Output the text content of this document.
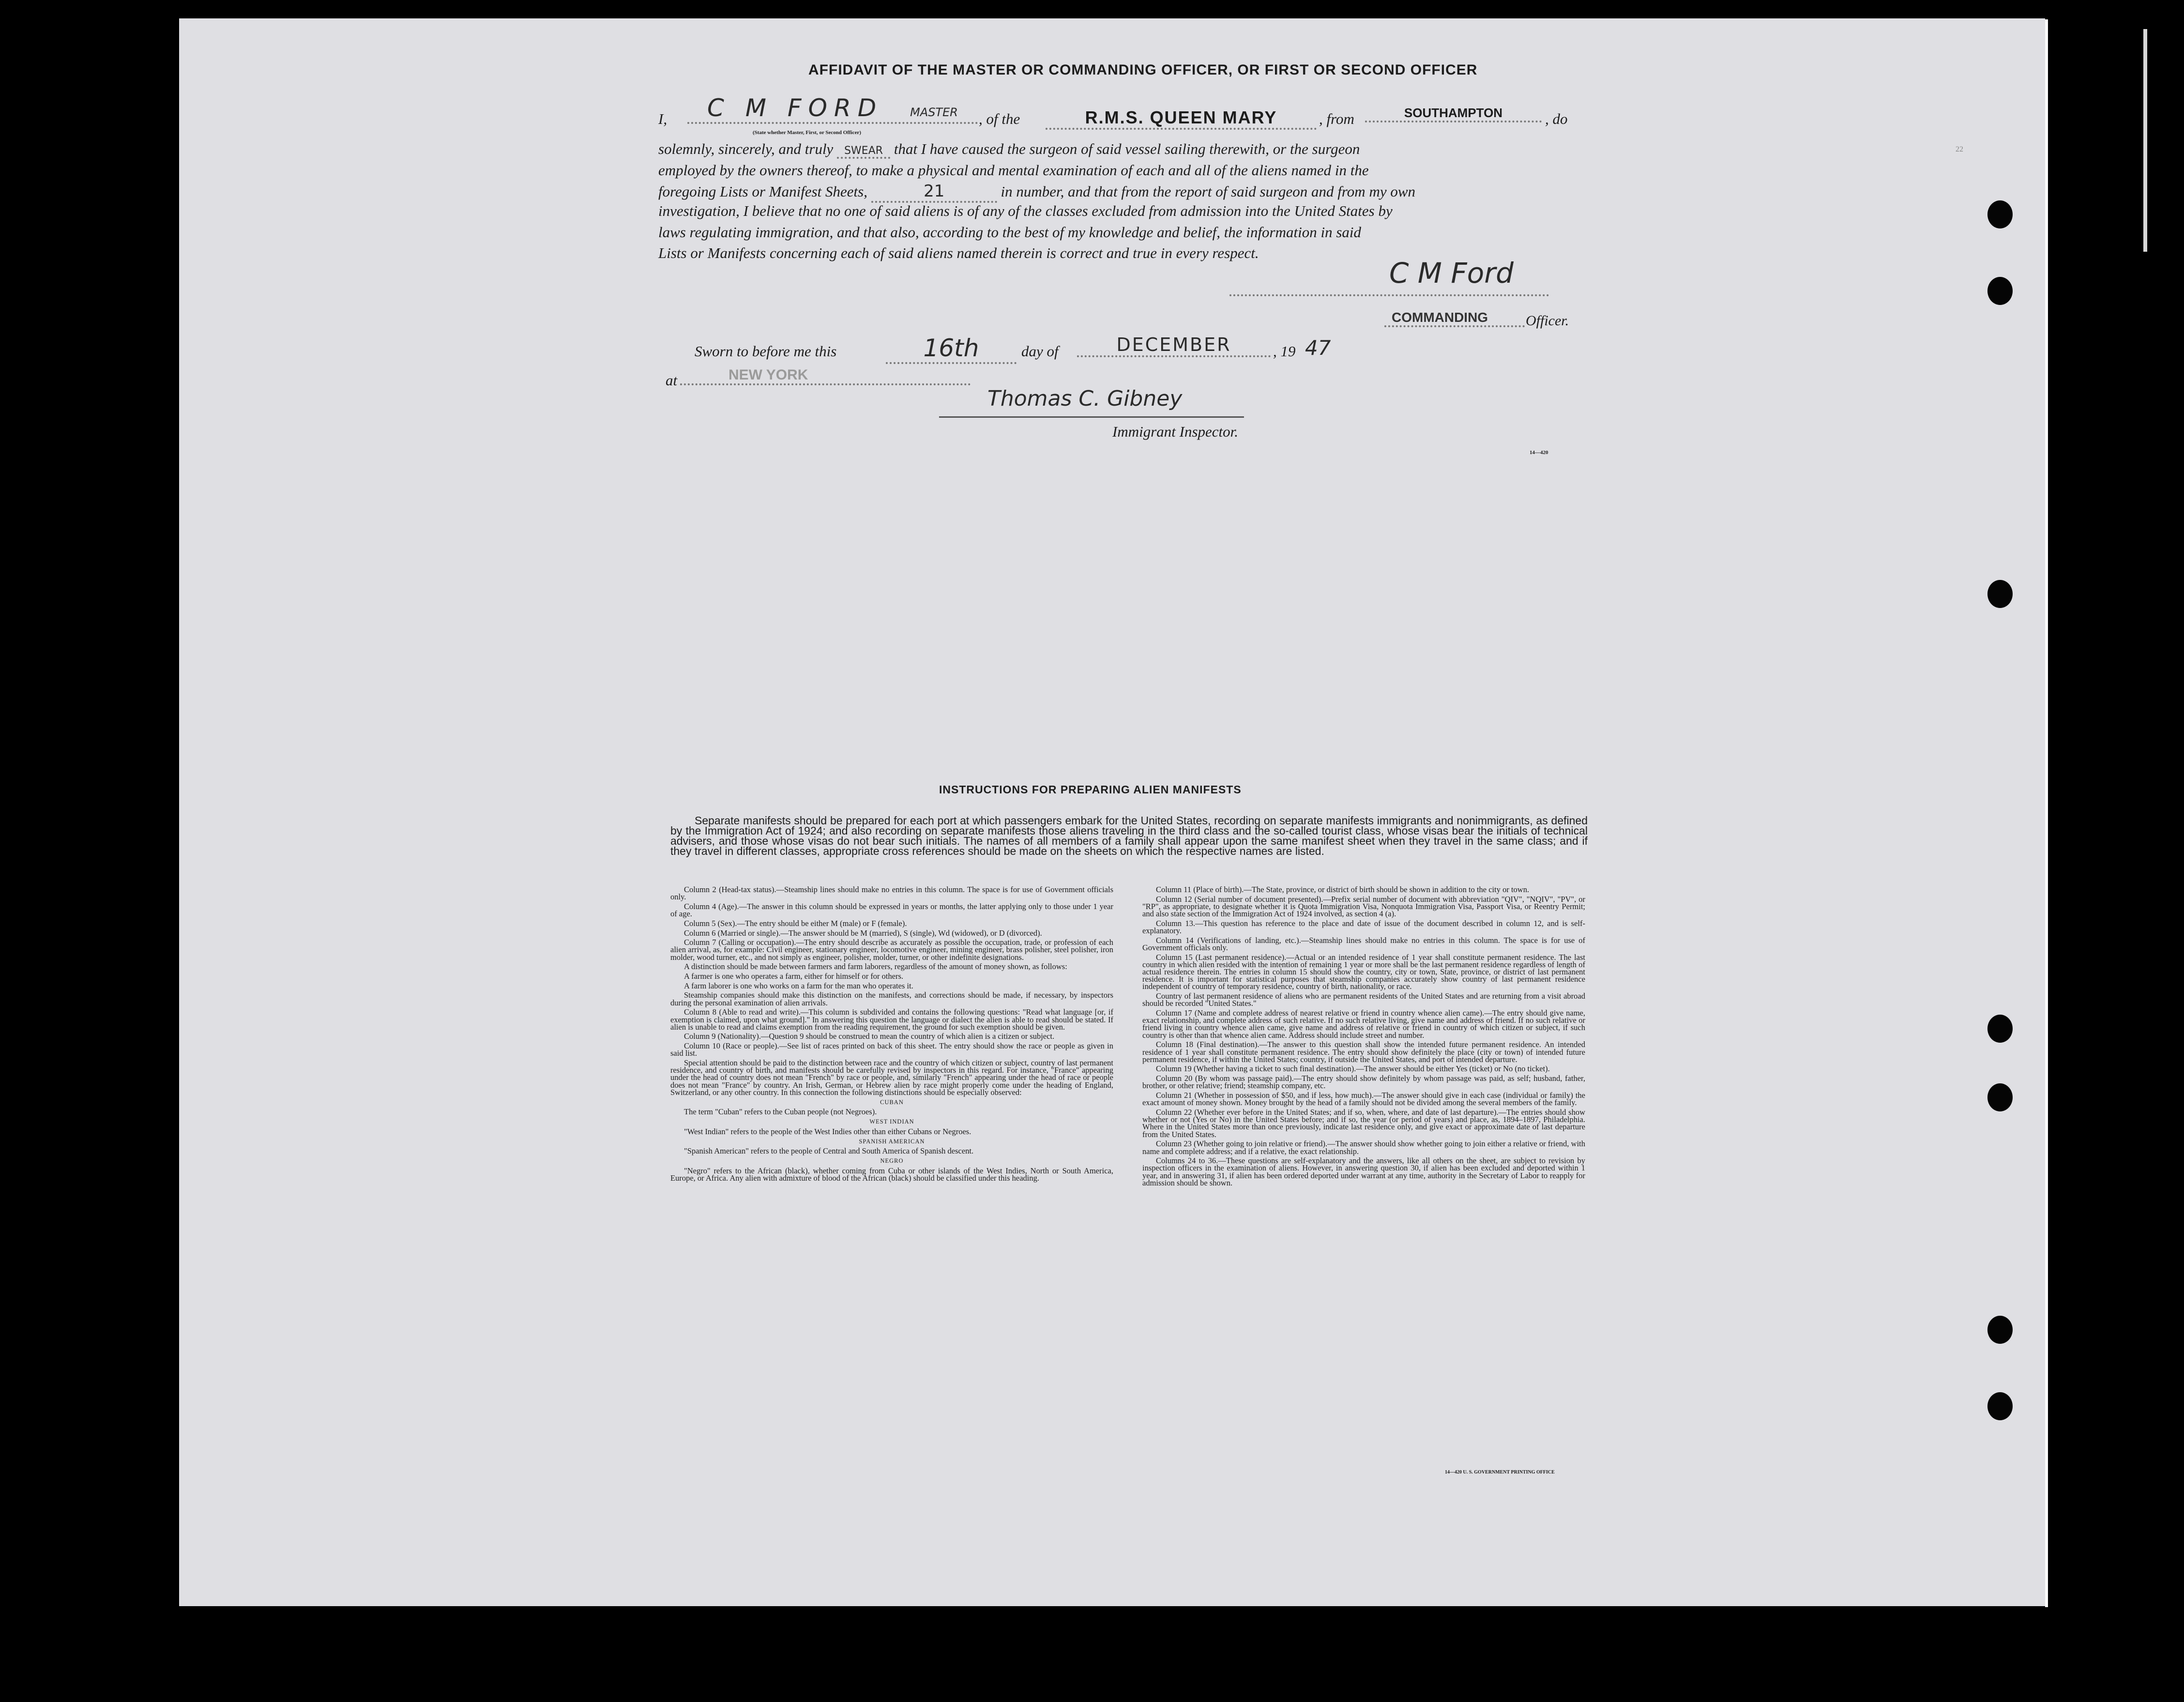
AFFIDAVIT OF THE MASTER OR COMMANDING OFFICER, OR FIRST OR SECOND OFFICER
I,	C M FORD MASTER	, of the	R.M.S. QUEEN MARY	, from	SOUTHAMPTON	, do
(State whether Master, First, or Second Officer)
solemnly, sincerely, and truly SWEAR that I have caused the surgeon of said vessel sailing therewith, or the surgeon
employed by the owners thereof, to make a physical and mental examination of each and all of the aliens named in the
foregoing Lists or Manifest Sheets,	21	in number, and that from the report of said surgeon and from my own
investigation, I believe that no one of said aliens is of any of the classes excluded from admission into the United States by
laws regulating immigration, and that also, according to the best of my knowledge and belief, the information in said
Lists or Manifests concerning each of said aliens named therein is correct and true in every respect.
C M Ford
COMMANDING	Officer.
Sworn to before me this	16th	day of	DECEMBER	, 19 47
at	NEW YORK
Thomas C. Gibney
Immigrant Inspector.
14—420
22
INSTRUCTIONS FOR PREPARING ALIEN MANIFESTS

Separate manifests should be prepared for each port at which passengers embark for the United States, recording on separate manifests immigrants and nonimmigrants, as defined by the Immigration Act of 1924; and also recording on separate manifests those aliens traveling in the third class and the so-called tourist class, whose visas bear the initials of technical advisers, and those whose visas do not bear such initials. The names of all members of a family shall appear upon the same manifest sheet when they travel in the same class; and if they travel in different classes, appropriate cross references should be made on the sheets on which the respective names are listed.

Column 2 (Head-tax status).—Steamship lines should make no entries in this column. The space is for use of Government officials only.

Column 4 (Age).—The answer in this column should be expressed in years or months, the latter applying only to those under 1 year of age.

Column 5 (Sex).—The entry should be either M (male) or F (female).

Column 6 (Married or single).—The answer should be M (married), S (single), Wd (widowed), or D (divorced).

Column 7 (Calling or occupation).—The entry should describe as accurately as possible the occupation, trade, or profession of each alien arrival, as, for example: Civil engineer, stationary engineer, locomotive engineer, mining engineer, brass polisher, steel polisher, iron molder, wood turner, etc., and not simply as engineer, polisher, molder, turner, or other indefinite designations.

A distinction should be made between farmers and farm laborers, regardless of the amount of money shown, as follows:

A farmer is one who operates a farm, either for himself or for others.

A farm laborer is one who works on a farm for the man who operates it.

Steamship companies should make this distinction on the manifests, and corrections should be made, if necessary, by inspectors during the personal examination of alien arrivals.

Column 8 (Able to read and write).—This column is subdivided and contains the following questions: "Read what language [or, if exemption is claimed, upon what ground]." In answering this question the language or dialect the alien is able to read should be stated. If alien is unable to read and claims exemption from the reading requirement, the ground for such exemption should be given.

Column 9 (Nationality).—Question 9 should be construed to mean the country of which alien is a citizen or subject.

Column 10 (Race or people).—See list of races printed on back of this sheet. The entry should show the race or people as given in said list.

Special attention should be paid to the distinction between race and the country of which citizen or subject, country of last permanent residence, and country of birth, and manifests should be carefully revised by inspectors in this regard. For instance, "France" appearing under the head of country does not mean "French" by race or people, and, similarly "French" appearing under the head of race or people does not mean "France" by country. An Irish, German, or Hebrew alien by race might properly come under the heading of England, Switzerland, or any other country. In this connection the following distinctions should be especially observed:

CUBAN

The term "Cuban" refers to the Cuban people (not Negroes).

WEST INDIAN

"West Indian" refers to the people of the West Indies other than either Cubans or Negroes.

SPANISH AMERICAN

"Spanish American" refers to the people of Central and South America of Spanish descent.

NEGRO

"Negro" refers to the African (black), whether coming from Cuba or other islands of the West Indies, North or South America, Europe, or Africa. Any alien with admixture of blood of the African (black) should be classified under this heading.

Column 11 (Place of birth).—The State, province, or district of birth should be shown in addition to the city or town.

Column 12 (Serial number of document presented).—Prefix serial number of document with abbreviation "QIV", "NQIV", "PV", or "RP", as appropriate, to designate whether it is Quota Immigration Visa, Nonquota Immigration Visa, Passport Visa, or Reentry Permit; and also state section of the Immigration Act of 1924 involved, as section 4 (a).

Column 13.—This question has reference to the place and date of issue of the document described in column 12, and is self-explanatory.

Column 14 (Verifications of landing, etc.).—Steamship lines should make no entries in this column. The space is for use of Government officials only.

Column 15 (Last permanent residence).—Actual or an intended residence of 1 year shall constitute permanent residence. The last country in which alien resided with the intention of remaining 1 year or more shall be the last permanent residence regardless of length of actual residence therein. The entries in column 15 should show the country, city or town, State, province, or district of last permanent residence. It is important for statistical purposes that steamship companies accurately show country of last permanent residence independent of country of temporary residence, country of birth, nationality, or race.

Country of last permanent residence of aliens who are permanent residents of the United States and are returning from a visit abroad should be recorded "United States."

Column 17 (Name and complete address of nearest relative or friend in country whence alien came).—The entry should give name, exact relationship, and complete address of such relative. If no such relative living, give name and address of friend. If no such relative or friend living in country whence alien came, give name and address of relative or friend in country of which citizen or subject, if such country is other than that whence alien came. Address should include street and number.

Column 18 (Final destination).—The answer to this question shall show the intended future permanent residence. An intended residence of 1 year shall constitute permanent residence. The entry should show definitely the place (city or town) of intended future permanent residence, if within the United States; country, if outside the United States, and port of intended departure.

Column 19 (Whether having a ticket to such final destination).—The answer should be either Yes (ticket) or No (no ticket).

Column 20 (By whom was passage paid).—The entry should show definitely by whom passage was paid, as self; husband, father, brother, or other relative; friend; steamship company, etc.

Column 21 (Whether in possession of $50, and if less, how much).—The answer should give in each case (individual or family) the exact amount of money shown. Money brought by the head of a family should not be divided among the several members of the family.

Column 22 (Whether ever before in the United States; and if so, when, where, and date of last departure).—The entries should show whether or not (Yes or No) in the United States before; and if so, the year (or period of years) and place, as, 1894–1897, Philadelphia. Where in the United States more than once previously, indicate last residence only, and give exact or approximate date of last departure from the United States.

Column 23 (Whether going to join relative or friend).—The answer should show whether going to join either a relative or friend, with name and complete address; and if a relative, the exact relationship.

Columns 24 to 36.—These questions are self-explanatory and the answers, like all others on the sheet, are subject to revision by inspection officers in the examination of aliens. However, in answering question 30, if alien has been excluded and deported within 1 year, and in answering 31, if alien has been ordered deported under warrant at any time, authority in the Secretary of Labor to reapply for admission should be shown.

14—420 U. S. GOVERNMENT PRINTING OFFICE
